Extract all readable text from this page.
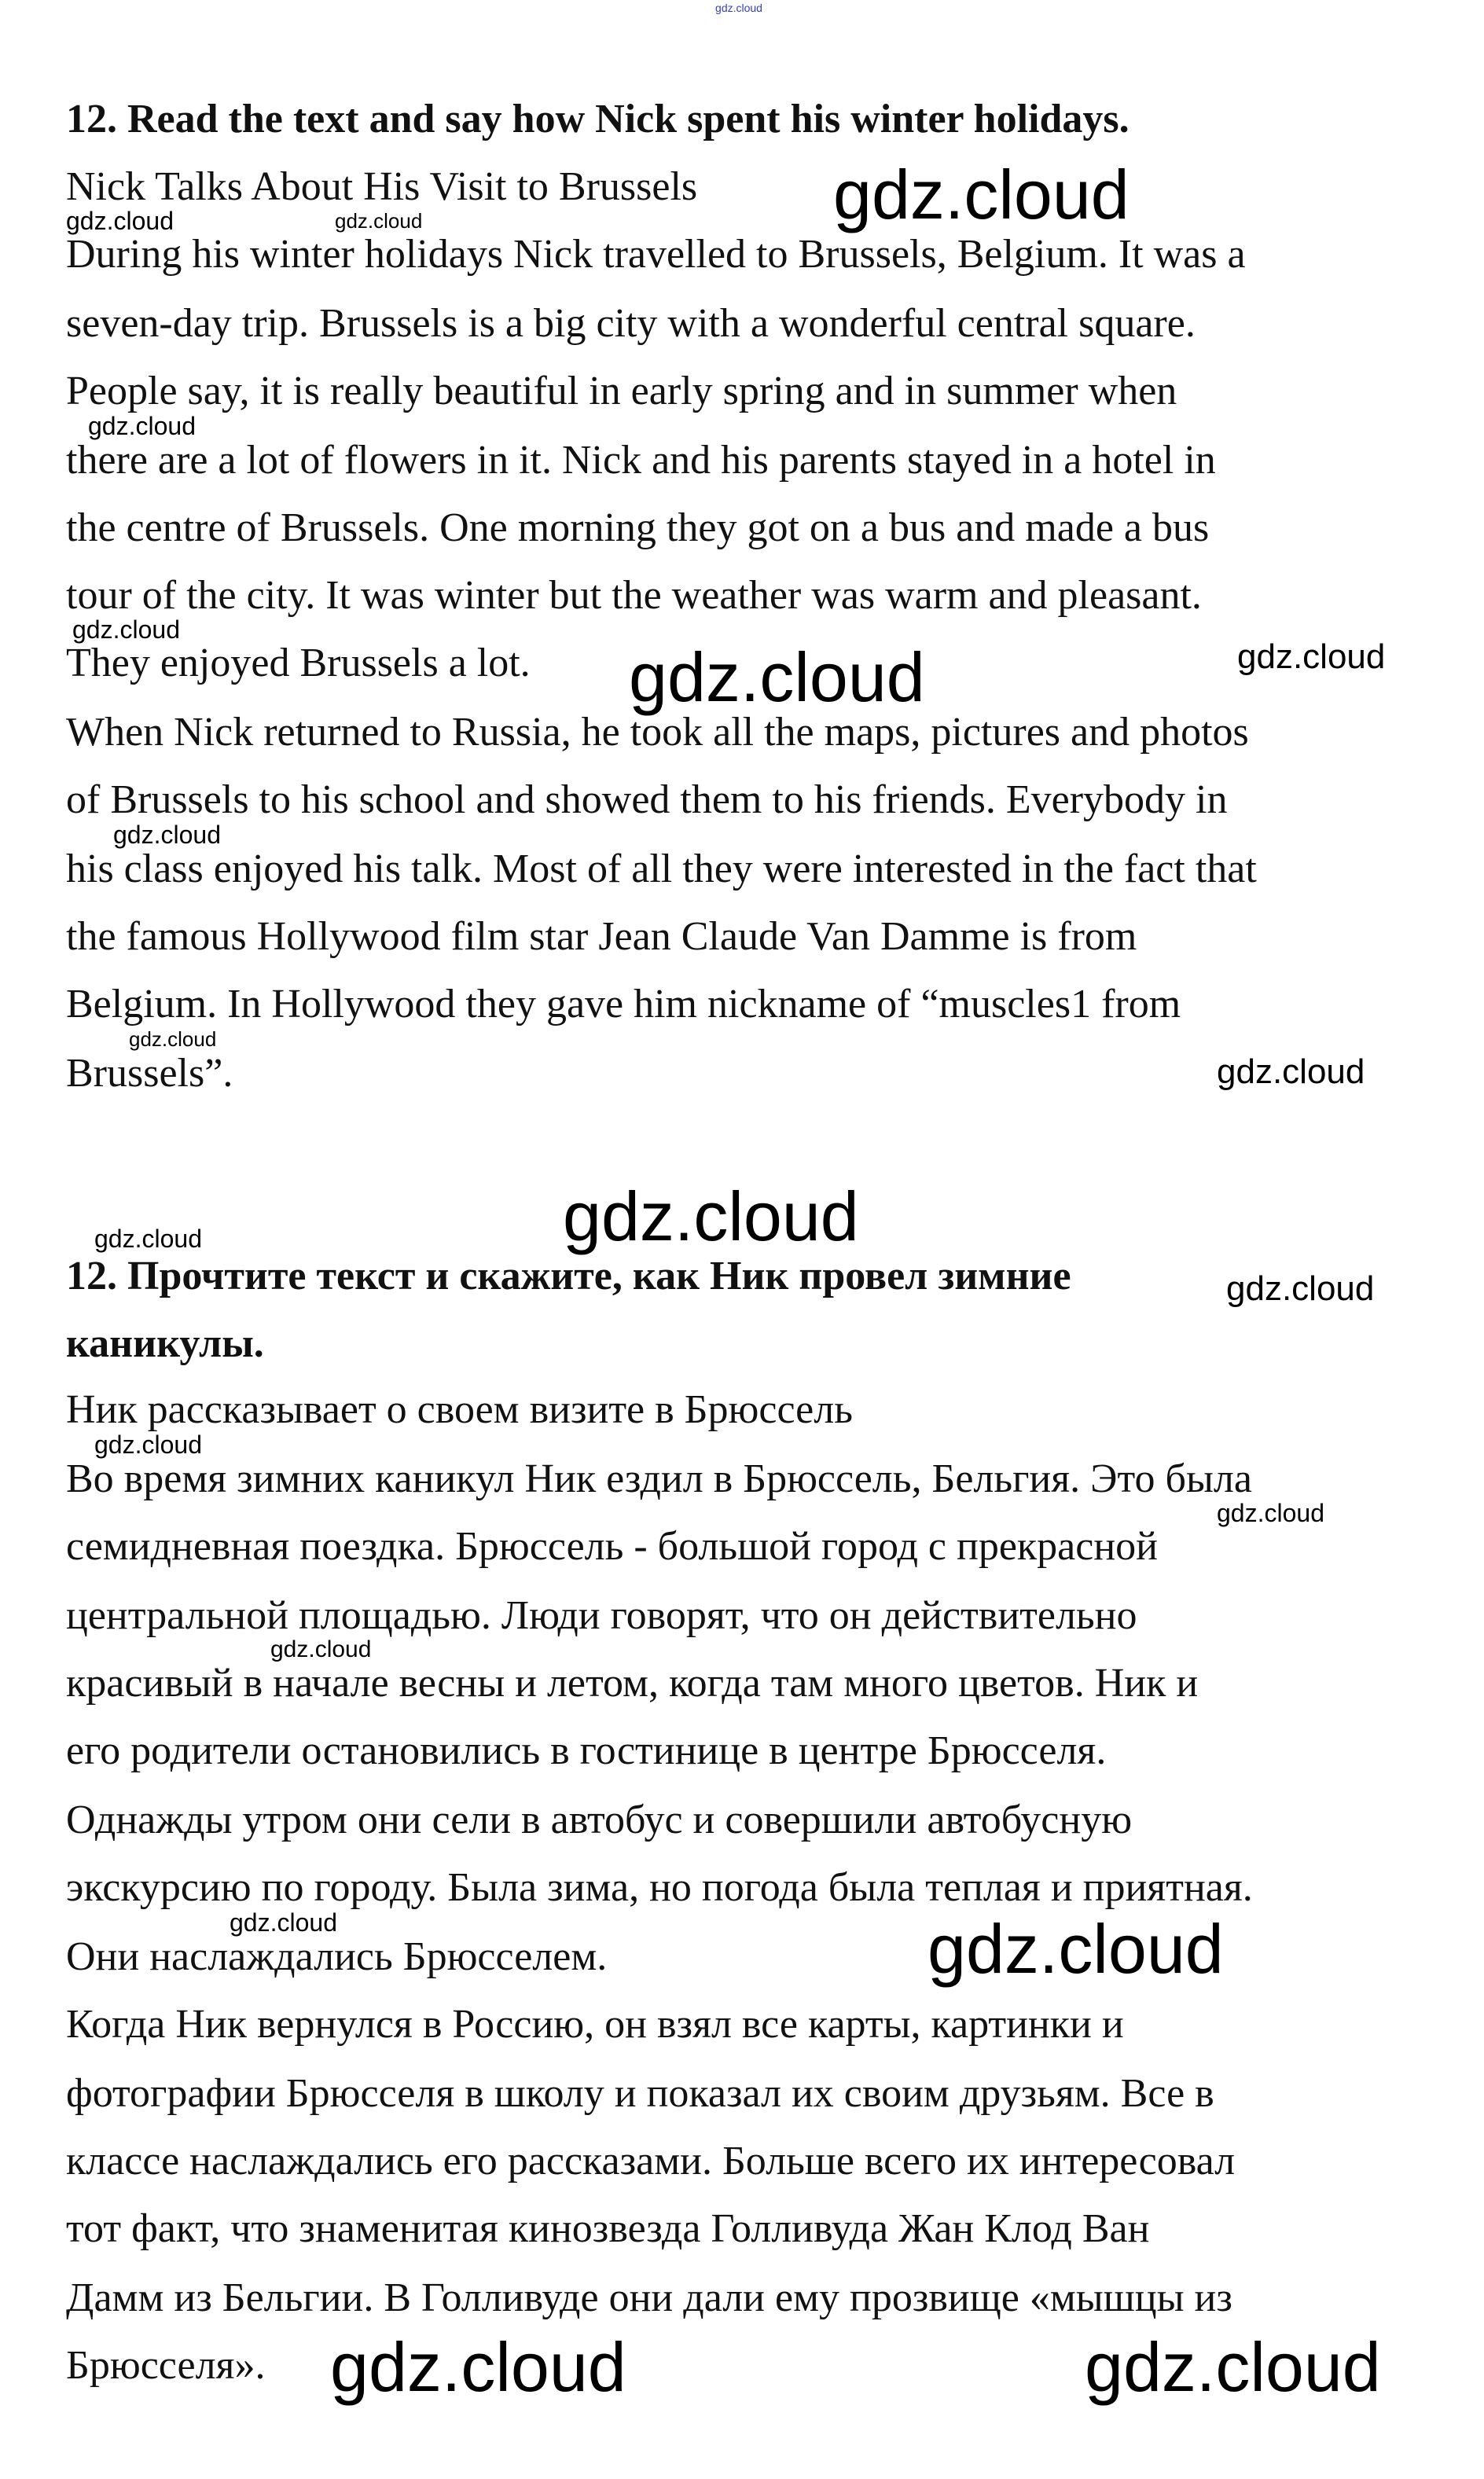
12. Read the text and say how Nick spent his winter holidays.
Nick Talks About His Visit to Brussels
During his winter holidays Nick travelled to Brussels, Belgium. It was a
seven-day trip. Brussels is a big city with a wonderful central square.
People say, it is really beautiful in early spring and in summer when
there are a lot of flowers in it. Nick and his parents stayed in a hotel in
the centre of Brussels. One morning they got on a bus and made a bus
tour of the city. It was winter but the weather was warm and pleasant.
They enjoyed Brussels a lot.
When Nick returned to Russia, he took all the maps, pictures and photos
of Brussels to his school and showed them to his friends. Everybody in
his class enjoyed his talk. Most of all they were interested in the fact that
the famous Hollywood film star Jean Claude Van Damme is from
Belgium. In Hollywood they gave him nickname of “muscles1 from
Brussels”.
12. Прочтите текст и скажите, как Ник провел зимние
каникулы.
Ник рассказывает о своем визите в Брюссель
Во время зимних каникул Ник ездил в Брюссель, Бельгия. Это была
семидневная поездка. Брюссель - большой город с прекрасной
центральной площадью. Люди говорят, что он действительно
красивый в начале весны и летом, когда там много цветов. Ник и
его родители остановились в гостинице в центре Брюсселя.
Однажды утром они сели в автобус и совершили автобусную
экскурсию по городу. Была зима, но погода была теплая и приятная.
Они наслаждались Брюсселем.
Когда Ник вернулся в Россию, он взял все карты, картинки и
фотографии Брюсселя в школу и показал их своим друзьям. Все в
классе наслаждались его рассказами. Больше всего их интересовал
тот факт, что знаменитая кинозвезда Голливуда Жан Клод Ван
Дамм из Бельгии. В Голливуде они дали ему прозвище «мышцы из
Брюсселя».
gdz.cloud
gdz.cloud
gdz.cloud	gdz.cloud
gdz.cloud
gdz.cloud
gdz.cloud	gdz.cloud
gdz.cloud
gdz.cloud
gdz.cloud
gdz.cloud	gdz.cloud
gdz.cloud
gdz.cloud
gdz.cloud
gdz.cloud
gdz.cloud	gdz.cloud
gdz.cloud	gdz.cloud
